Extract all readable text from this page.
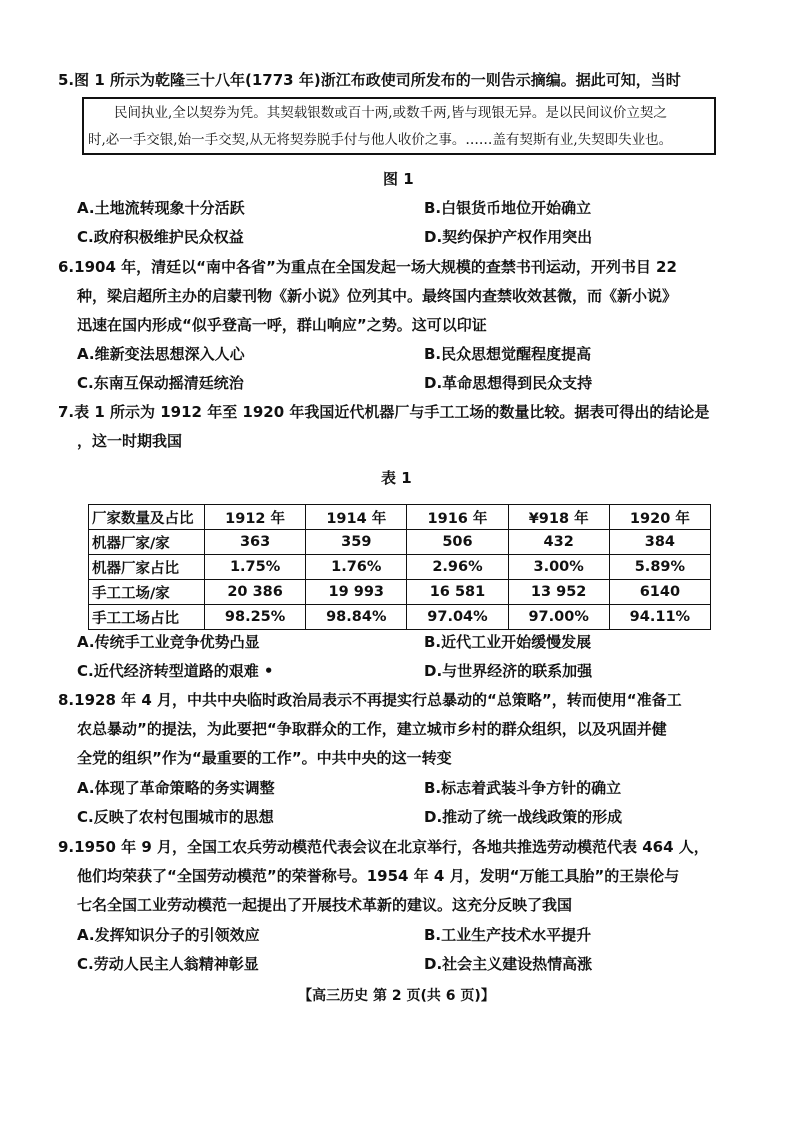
5.图 1 所示为乾隆三十八年(1773 年)浙江布政使司所发布的一则告示摘编。据此可知，当时
民间执业,全以契券为凭。其契载银数或百十两,或数千两,皆与现银无异。是以民间议价立契之
时,必一手交银,始一手交契,从无将契券脱手付与他人收价之事。……盖有契斯有业,失契即失业也。
图 1
A.土地流转现象十分活跃	B.白银货币地位开始确立
C.政府积极维护民众权益	D.契约保护产权作用突出
6.1904 年，清廷以“南中各省”为重点在全国发起一场大规模的查禁书刊运动，开列书目 22
种，梁启超所主办的启蒙刊物《新小说》位列其中。最终国内查禁收效甚微，而《新小说》
迅速在国内形成“似乎登高一呼，群山响应”之势。这可以印证
A.维新变法思想深入人心	B.民众思想觉醒程度提高
C.东南互保动摇清廷统治	D.革命思想得到民众支持
7.表 1 所示为 1912 年至 1920 年我国近代机器厂与手工工场的数量比较。据表可得出的结论是
，这一时期我国
表 1
厂家数量及占比	1912 年	1914 年	1916 年	¥918 年	1920 年
机器厂家/家	363	359	506	432	384
机器厂家占比	1.75%	1.76%	2.96%	3.00%	5.89%
手工工场/家	20 386	19 993	16 581	13 952	6140
手工工场占比	98.25%	98.84%	97.04%	97.00%	94.11%
A.传统手工业竞争优势凸显	B.近代工业开始缓慢发展
C.近代经济转型道路的艰难 •	D.与世界经济的联系加强
8.1928 年 4 月，中共中央临时政治局表示不再提实行总暴动的“总策略”，转而使用“准备工
农总暴动”的提法，为此要把“争取群众的工作，建立城市乡村的群众组织，以及巩固并健
全党的组织”作为“最重要的工作”。中共中央的这一转变
A.体现了革命策略的务实调整	B.标志着武装斗争方针的确立
C.反映了农村包围城市的思想	D.推动了统一战线政策的形成
9.1950 年 9 月，全国工农兵劳动模范代表会议在北京举行，各地共推选劳动模范代表 464 人，
他们均荣获了“全国劳动模范”的荣誉称号。1954 年 4 月，发明“万能工具胎”的王崇伦与
七名全国工业劳动模范一起提出了开展技术革新的建议。这充分反映了我国
A.发挥知识分子的引领效应	B.工业生产技术水平提升
C.劳动人民主人翁精神彰显	D.社会主义建设热情高涨
【高三历史 第 2 页(共 6 页)】
